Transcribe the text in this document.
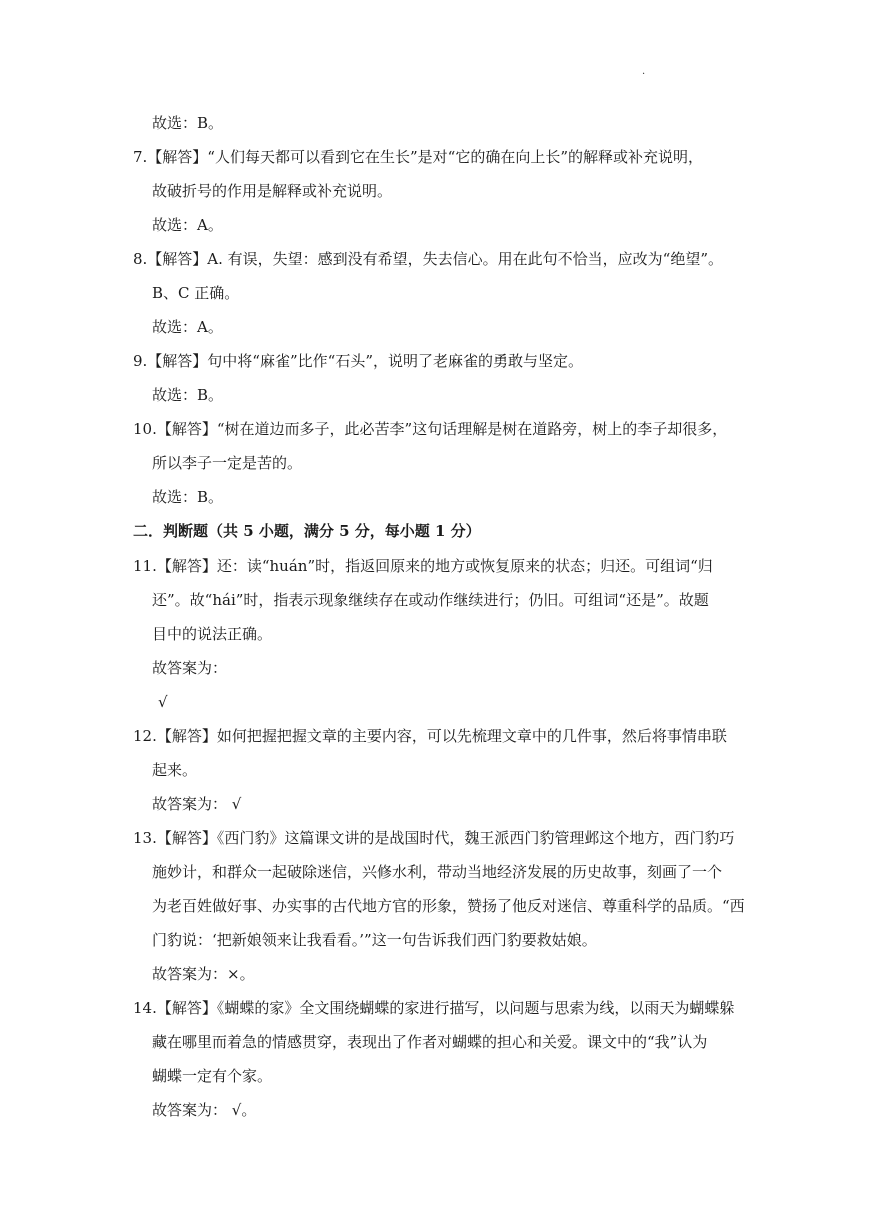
.
故选：B。
7.【解答】“人们每天都可以看到它在生长”是对“它的确在向上长”的解释或补充说明，
故破折号的作用是解释或补充说明。
故选：A。
8.【解答】A. 有误，失望：感到没有希望，失去信心。用在此句不恰当，应改为“绝望”。
B、C 正确。
故选：A。
9.【解答】句中将“麻雀”比作“石头”，说明了老麻雀的勇敢与坚定。
故选：B。
10.【解答】“树在道边而多子，此必苦李”这句话理解是树在道路旁，树上的李子却很多，
所以李子一定是苦的。
故选：B。
二．判断题（共 5 小题，满分 5 分，每小题 1 分）
11.【解答】还：读“huán”时，指返回原来的地方或恢复原来的状态；归还。可组词“归
还”。故“hái”时，指表示现象继续存在或动作继续进行；仍旧。可组词“还是”。故题
目中的说法正确。
故答案为：
√
12.【解答】如何把握把握文章的主要内容，可以先梳理文章中的几件事，然后将事情串联
起来。
故答案为： √
13.【解答】《西门豹》这篇课文讲的是战国时代，魏王派西门豹管理邺这个地方，西门豹巧
施妙计，和群众一起破除迷信，兴修水利，带动当地经济发展的历史故事，刻画了一个
为老百姓做好事、办实事的古代地方官的形象，赞扬了他反对迷信、尊重科学的品质。“西
门豹说：‘把新娘领来让我看看。’”这一句告诉我们西门豹要救姑娘。
故答案为：×。
14.【解答】《蝴蝶的家》全文围绕蝴蝶的家进行描写，以问题与思索为线，以雨天为蝴蝶躲
藏在哪里而着急的情感贯穿，表现出了作者对蝴蝶的担心和关爱。课文中的“我”认为
蝴蝶一定有个家。
故答案为： √。
